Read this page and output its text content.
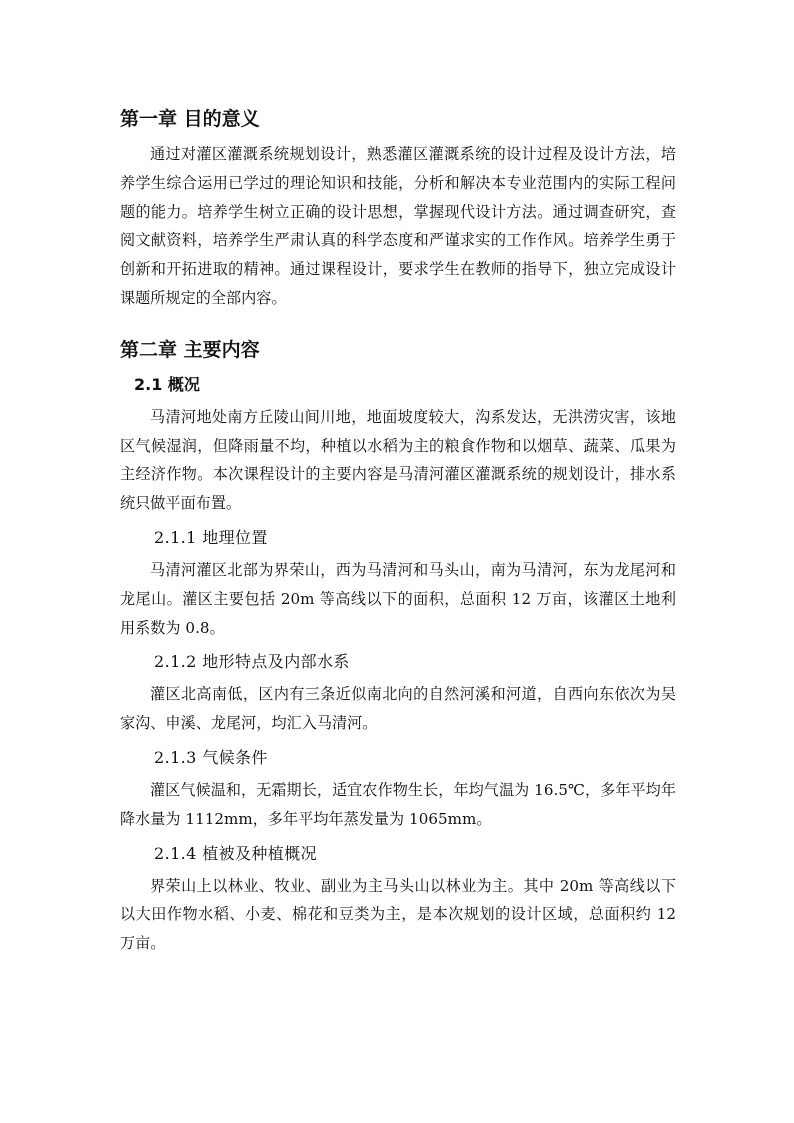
第一章 目的意义

通过对灌区灌溉系统规划设计，熟悉灌区灌溉系统的设计过程及设计方法，培养学生综合运用已学过的理论知识和技能，分析和解决本专业范围内的实际工程问题的能力。培养学生树立正确的设计思想，掌握现代设计方法。通过调查研究，查阅文献资料，培养学生严肃认真的科学态度和严谨求实的工作作风。培养学生勇于创新和开拓进取的精神。通过课程设计，要求学生在教师的指导下，独立完成设计课题所规定的全部内容。

第二章 主要内容
2.1 概况

马清河地处南方丘陵山间川地，地面坡度较大，沟系发达，无洪涝灾害，该地区气候湿润，但降雨量不均，种植以水稻为主的粮食作物和以烟草、蔬菜、瓜果为主经济作物。本次课程设计的主要内容是马清河灌区灌溉系统的规划设计，排水系统只做平面布置。

2.1.1 地理位置

马清河灌区北部为界荣山，西为马清河和马头山，南为马清河，东为龙尾河和龙尾山。灌区主要包括 20m 等高线以下的面积，总面积 12 万亩，该灌区土地利用系数为 0.8。

2.1.2 地形特点及内部水系

灌区北高南低，区内有三条近似南北向的自然河溪和河道，自西向东依次为吴家沟、申溪、龙尾河，均汇入马清河。

2.1.3 气候条件

灌区气候温和，无霜期长，适宜农作物生长，年均气温为 16.5℃，多年平均年降水量为 1112mm，多年平均年蒸发量为 1065mm。

2.1.4 植被及种植概况

界荣山上以林业、牧业、副业为主马头山以林业为主。其中 20m 等高线以下以大田作物水稻、小麦、棉花和豆类为主，是本次规划的设计区域，总面积约 12 万亩。
